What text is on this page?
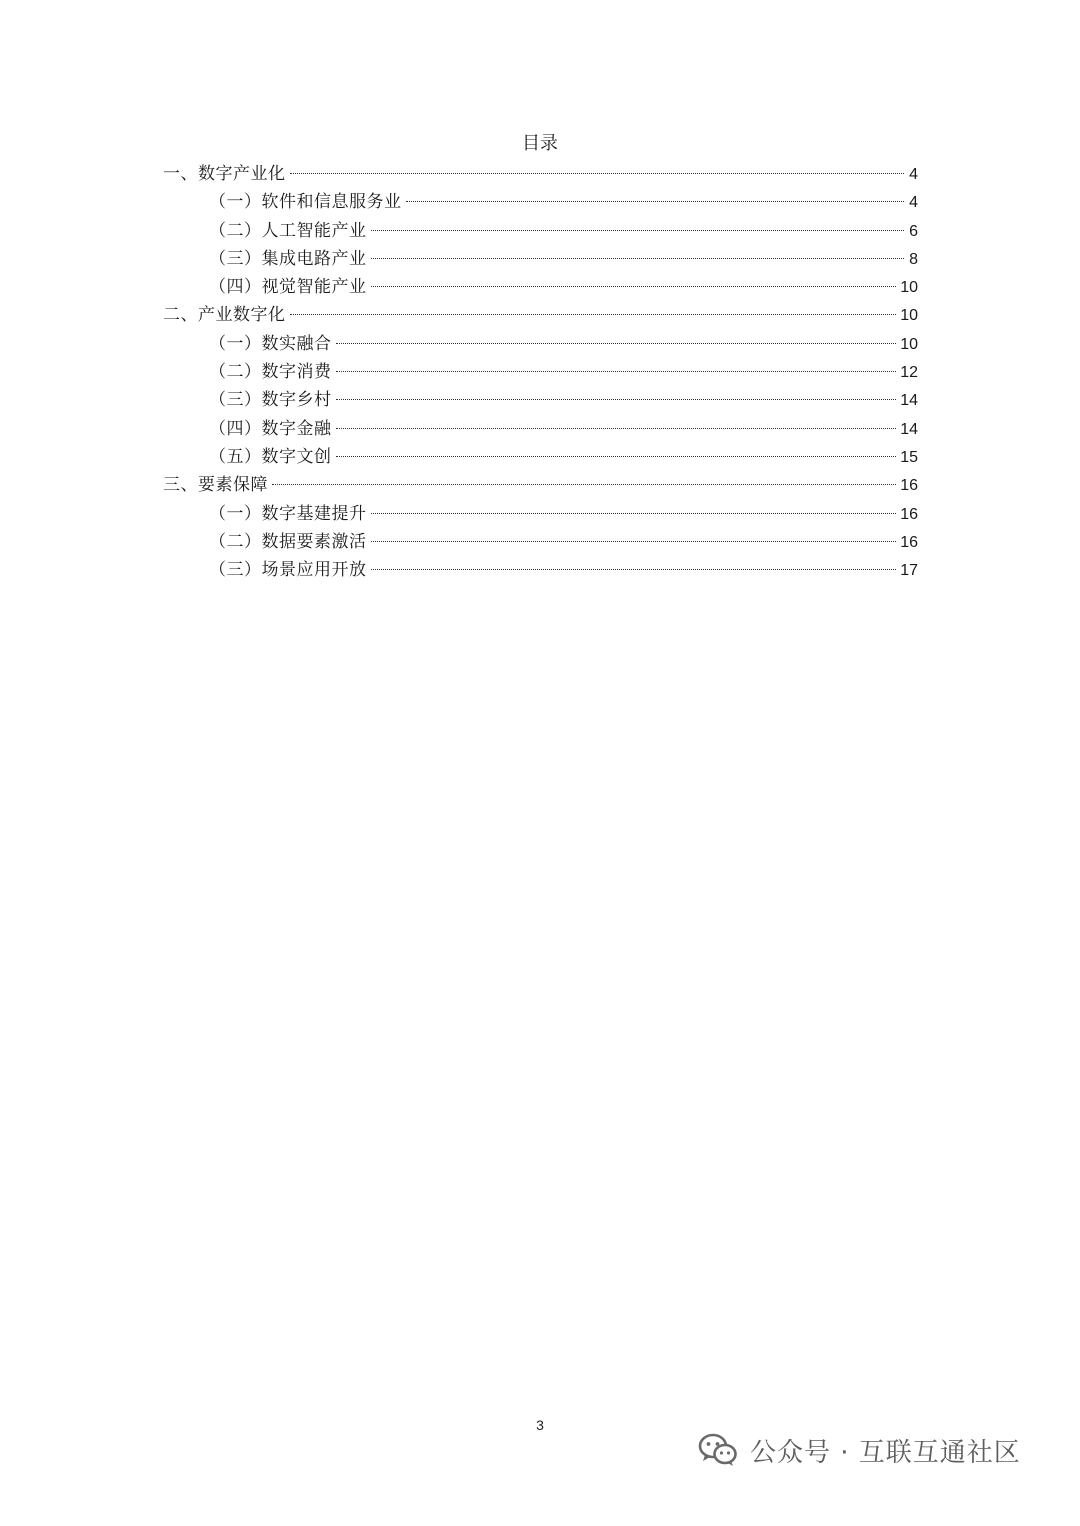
目录
一、数字产业化	4
（一）软件和信息服务业	4
（二）人工智能产业	6
（三）集成电路产业	8
（四）视觉智能产业	10
二、产业数字化	10
（一）数实融合	10
（二）数字消费	12
（三）数字乡村	14
（四）数字金融	14
（五）数字文创	15
三、要素保障	16
（一）数字基建提升	16
（二）数据要素激活	16
（三）场景应用开放	17
3
公众号 · 互联互通社区
